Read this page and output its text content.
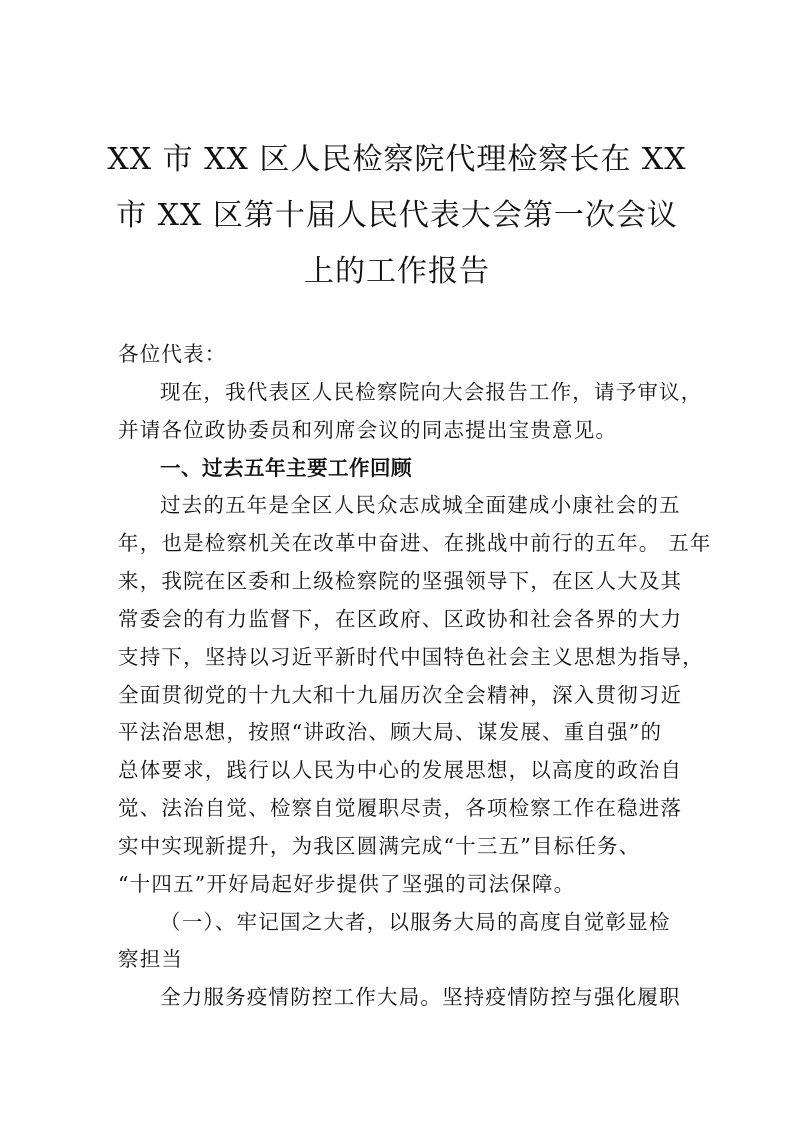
XX 市 XX 区人民检察院代理检察长在 XX
市 XX 区第十届人民代表大会第一次会议
上的工作报告
各位代表：
现在，我代表区人民检察院向大会报告工作，请予审议，
并请各位政协委员和列席会议的同志提出宝贵意见。
一、过去五年主要工作回顾
过去的五年是全区人民众志成城全面建成小康社会的五
年，也是检察机关在改革中奋进、在挑战中前行的五年。 五年
来，我院在区委和上级检察院的坚强领导下，在区人大及其
常委会的有力监督下，在区政府、区政协和社会各界的大力
支持下，坚持以习近平新时代中国特色社会主义思想为指导，
全面贯彻党的十九大和十九届历次全会精神，深入贯彻习近
平法治思想，按照“讲政治、顾大局、谋发展、重自强”的
总体要求，践行以人民为中心的发展思想，以高度的政治自
觉、法治自觉、检察自觉履职尽责，各项检察工作在稳进落
实中实现新提升，为我区圆满完成“十三五”目标任务、
“十四五”开好局起好步提供了坚强的司法保障。
（一）、牢记国之大者，以服务大局的高度自觉彰显检
察担当
全力服务疫情防控工作大局。坚持疫情防控与强化履职
